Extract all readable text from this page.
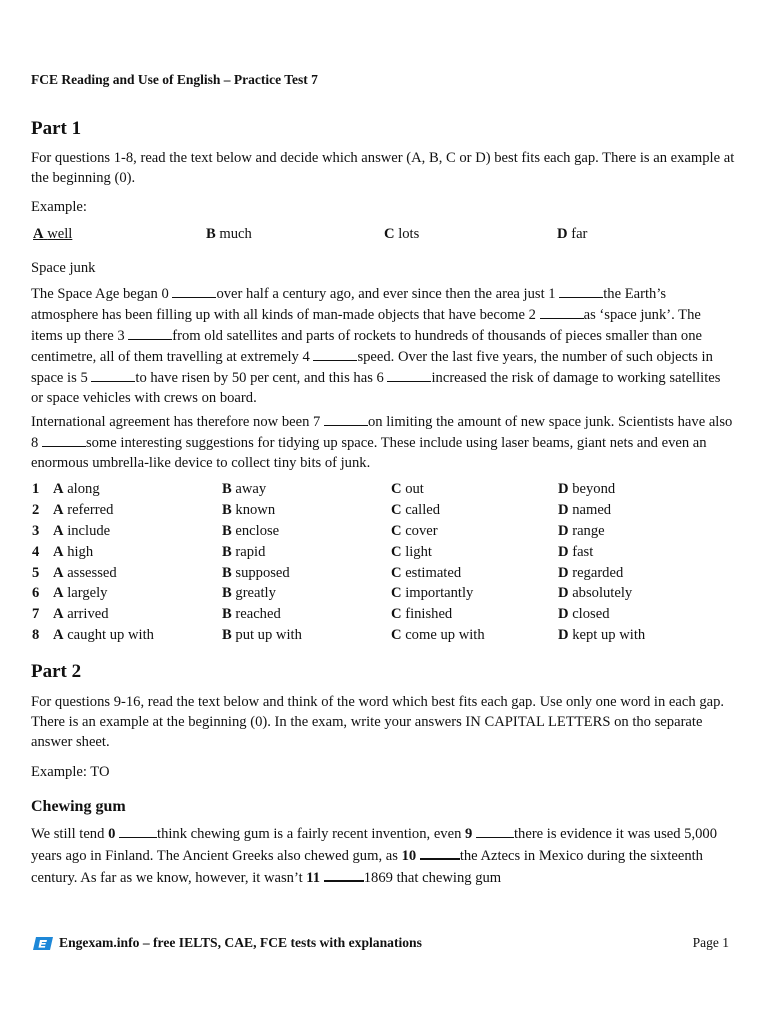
FCE Reading and Use of English – Practice Test 7
Part 1

For questions 1-8, read the text below and decide which answer (A, B, C or D) best fits each gap. There is an example at the beginning (0).

Example:

A well	B much	C lots	D far

Space junk

The Space Age began 0	over half a century ago, and ever since then the area just 1	the Earth’s atmosphere has been filling up with all kinds of man-made objects that have become 2	as ‘space junk’. The items up there 3	from old satellites and parts of rockets to hundreds of thousands of pieces smaller than one centimetre, all of them travelling at extremely 4	speed. Over the last five years, the number of such objects in space is 5	to have risen by 50 per cent, and this has 6	increased the risk of damage to working satellites or space vehicles with crews on board.

International agreement has therefore now been 7	on limiting the amount of new space junk. Scientists have also 8	some interesting suggestions for tidying up space. These include using laser beams, giant nets and even an enormous umbrella-like device to collect tiny bits of junk.

1 A along	B away	C out	D beyond
2 A referred	B known	C called	D named
3 A include	B enclose	C cover	D range
4 A high	B rapid	C light	D fast
5 A assessed	B supposed	C estimated	D regarded
6 A largely	B greatly	C importantly	D absolutely
7 A arrived	B reached	C finished	D closed
8 A caught up with	B put up with	C come up with	D kept up with
Part 2

For questions 9-16, read the text below and think of the word which best fits each gap. Use only one word in each gap. There is an example at the beginning (0). In the exam, write your answers IN CAPITAL LETTERS on tho separate answer sheet.

Example: TO

Chewing gum

We still tend 0	think chewing gum is a fairly recent invention, even 9	there is evidence it was used 5,000 years ago in Finland. The Ancient Greeks also chewed gum, as 10	the Aztecs in Mexico during the sixteenth century. As far as we know, however, it wasn’t 11	1869 that chewing gum

Engexam.info – free IELTS, CAE, FCE tests with explanations	Page 1
